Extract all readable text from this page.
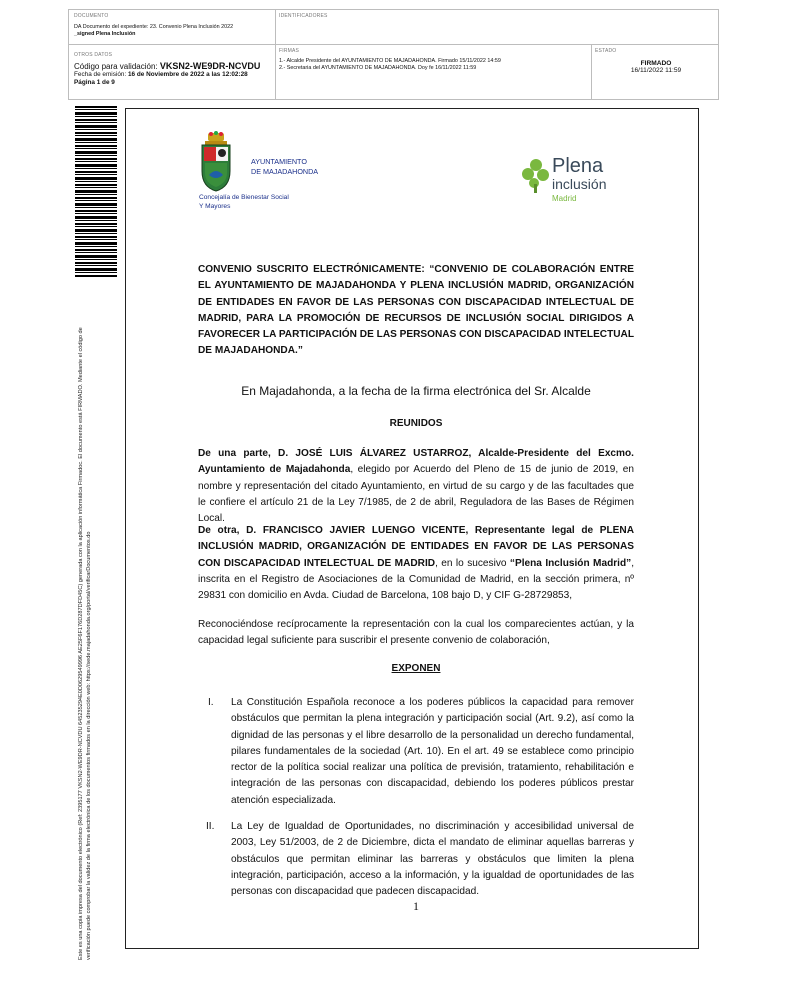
DOCUMENTO
DA Documento del expediente: 23. Convenio Plena Inclusión 2022
_signed Plena Inclusión
IDENTIFICADORES
OTROS DATOS
Código para validación: VKSN2-WE9DR-NCVDU
Fecha de emisión: 16 de Noviembre de 2022 a las 12:02:28
Página 1 de 9
FIRMAS
1.- Alcalde Presidente del AYUNTAMIENTO DE MAJADAHONDA. Firmado 15/11/2022 14:59
2.- Secretaria del AYUNTAMIENTO DE MAJADAHONDA. Doy fe 16/11/2022 11:59
ESTADO
FIRMADO
16/11/2022 11:59
Este es una copia impresa del documento electrónico (Ref: 2395177 VKSN2-WE9DR-NCVDU 645235294E0D0629549996 AE25F6F176D287DFD45C) generada con la aplicación informática Firmadoc. El documento está FIRMADO. Mediante el código de verificación puede comprobar la validez de la firma electrónica de los documentos firmados en la dirección web: https://sede.majadahonda.org/portal/verificarDocumentos.do
AYUNTAMIENTO
DE MAJADAHONDA
Concejalía de Bienestar Social
Y Mayores
Plena
inclusión
Madrid
CONVENIO SUSCRITO ELECTRÓNICAMENTE: “CONVENIO DE COLABORACIÓN ENTRE EL AYUNTAMIENTO DE MAJADAHONDA Y PLENA INCLUSIÓN MADRID, ORGANIZACIÓN DE ENTIDADES EN FAVOR DE LAS PERSONAS CON DISCAPACIDAD INTELECTUAL DE MADRID, PARA LA PROMOCIÓN DE RECURSOS DE INCLUSIÓN SOCIAL DIRIGIDOS A FAVORECER LA PARTICIPACIÓN DE LAS PERSONAS CON DISCAPACIDAD INTELECTUAL DE MAJADAHONDA.”
En Majadahonda, a la fecha de la firma electrónica del Sr. Alcalde
REUNIDOS
De una parte, D. JOSÉ LUIS ÁLVAREZ USTARROZ, Alcalde-Presidente del Excmo. Ayuntamiento de Majadahonda, elegido por Acuerdo del Pleno de 15 de junio de 2019, en nombre y representación del citado Ayuntamiento, en virtud de su cargo y de las facultades que le confiere el artículo 21 de la Ley 7/1985, de 2 de abril, Reguladora de las Bases de Régimen Local.
De otra, D. FRANCISCO JAVIER LUENGO VICENTE, Representante legal de PLENA INCLUSIÓN MADRID, ORGANIZACIÓN DE ENTIDADES EN FAVOR DE LAS PERSONAS CON DISCAPACIDAD INTELECTUAL DE MADRID, en lo sucesivo “Plena Inclusión Madrid”, inscrita en el Registro de Asociaciones de la Comunidad de Madrid, en la sección primera, nº 29831 con domicilio en Avda. Ciudad de Barcelona, 108 bajo D, y CIF G-28729853,
Reconociéndose recíprocamente la representación con la cual los comparecientes actúan, y la capacidad legal suficiente para suscribir el presente convenio de colaboración,
EXPONEN
I. La Constitución Española reconoce a los poderes públicos la capacidad para remover obstáculos que permitan la plena integración y participación social (Art. 9.2), así como la dignidad de las personas y el libre desarrollo de la personalidad un derecho fundamental, pilares fundamentales de la sociedad (Art. 10). En el art. 49 se establece como principio rector de la política social realizar una política de previsión, tratamiento, rehabilitación e integración de las personas con discapacidad, debiendo los poderes públicos prestar atención especializada.
II. La Ley de Igualdad de Oportunidades, no discriminación y accesibilidad universal de 2003, Ley 51/2003, de 2 de Diciembre, dicta el mandato de eliminar aquellas barreras y obstáculos que permitan eliminar las barreras y obstáculos que limiten la plena integración, participación, acceso a la información, y la igualdad de oportunidades de las personas con discapacidad que padecen discapacidad.
1
